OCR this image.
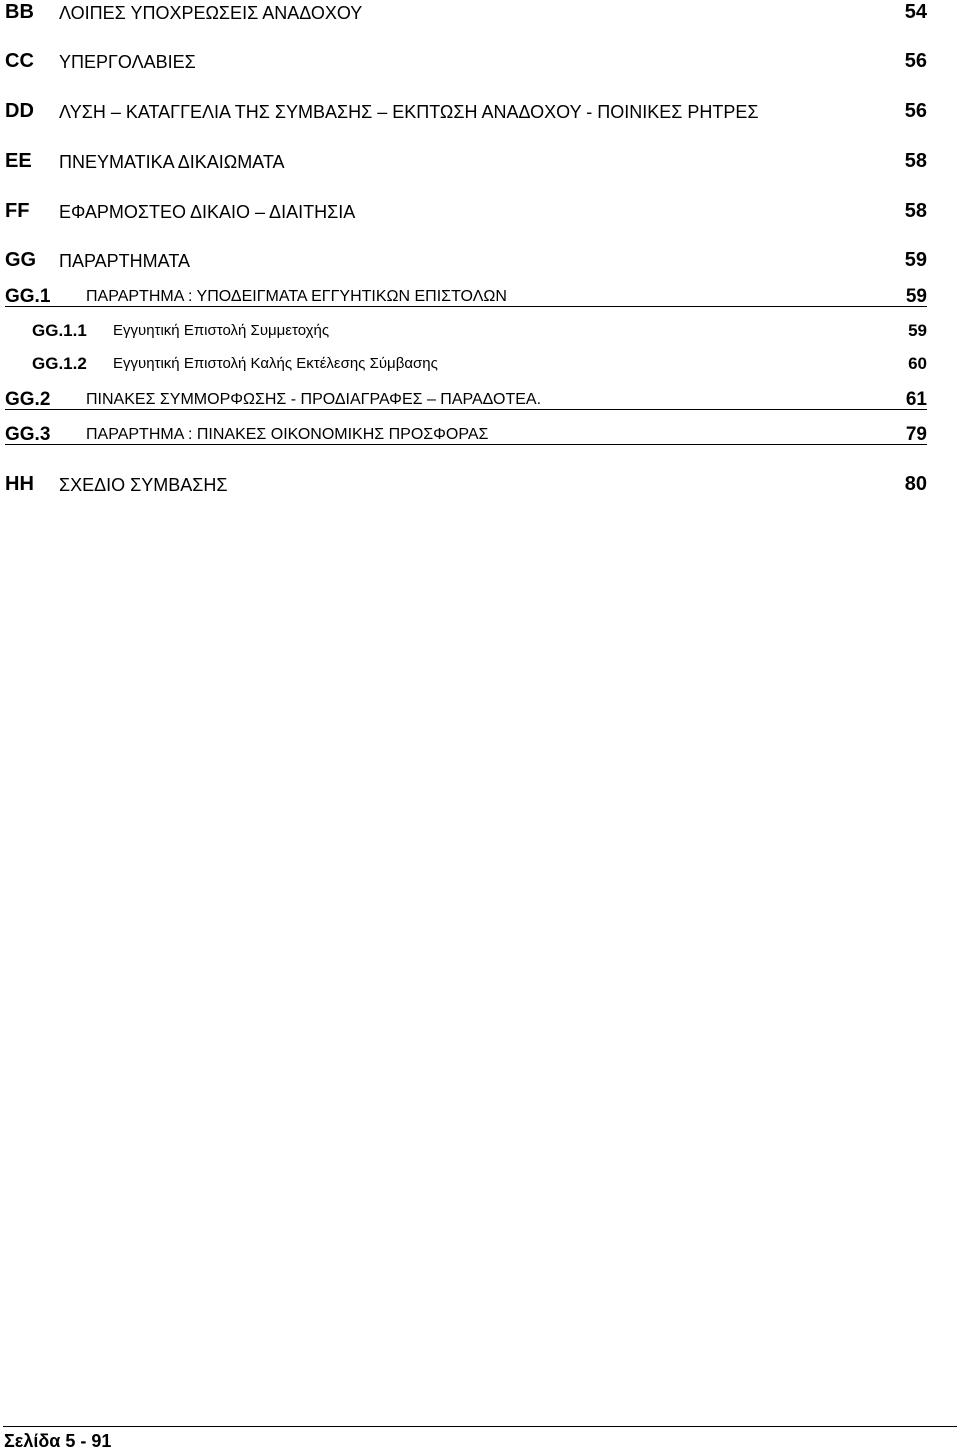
BB ΛΟΙΠΕΣ ΥΠΟΧΡΕΩΣΕΙΣ ΑΝΑΔΟΧΟΥ	54
CC ΥΠΕΡΓΟΛΑΒΙΕΣ	56
DD ΛΥΣΗ – ΚΑΤΑΓΓΕΛΙΑ ΤΗΣ ΣΥΜΒΑΣΗΣ – ΕΚΠΤΩΣΗ ΑΝΑΔΟΧΟΥ - ΠΟΙΝΙΚΕΣ ΡΗΤΡΕΣ	56
EE ΠΝΕΥΜΑΤΙΚΑ ΔΙΚΑΙΩΜΑΤΑ	58
FF ΕΦΑΡΜΟΣΤΕΟ ΔΙΚΑΙΟ – ΔΙΑΙΤΗΣΙΑ	58
GG ΠΑΡΑΡΤΗΜΑΤΑ	59
GG.1 ΠΑΡΑΡΤΗΜΑ : ΥΠΟΔΕΙΓΜΑΤΑ ΕΓΓΥΗΤΙΚΩΝ ΕΠΙΣΤΟΛΩΝ	59
GG.1.1 Εγγυητική Επιστολή Συμμετοχής	59
GG.1.2 Εγγυητική Επιστολή Καλής Εκτέλεσης Σύμβασης	60
GG.2 ΠΙΝΑΚΕΣ ΣΥΜΜΟΡΦΩΣΗΣ - ΠΡΟΔΙΑΓΡΑΦΕΣ – ΠΑΡΑΔΟΤΕΑ.	61
GG.3 ΠΑΡΑΡΤΗΜΑ : ΠΙΝΑΚΕΣ ΟΙΚΟΝΟΜΙΚΗΣ ΠΡΟΣΦΟΡΑΣ	79
HH ΣΧΕΔΙΟ ΣΥΜΒΑΣΗΣ	80
Σελίδα 5 - 91
